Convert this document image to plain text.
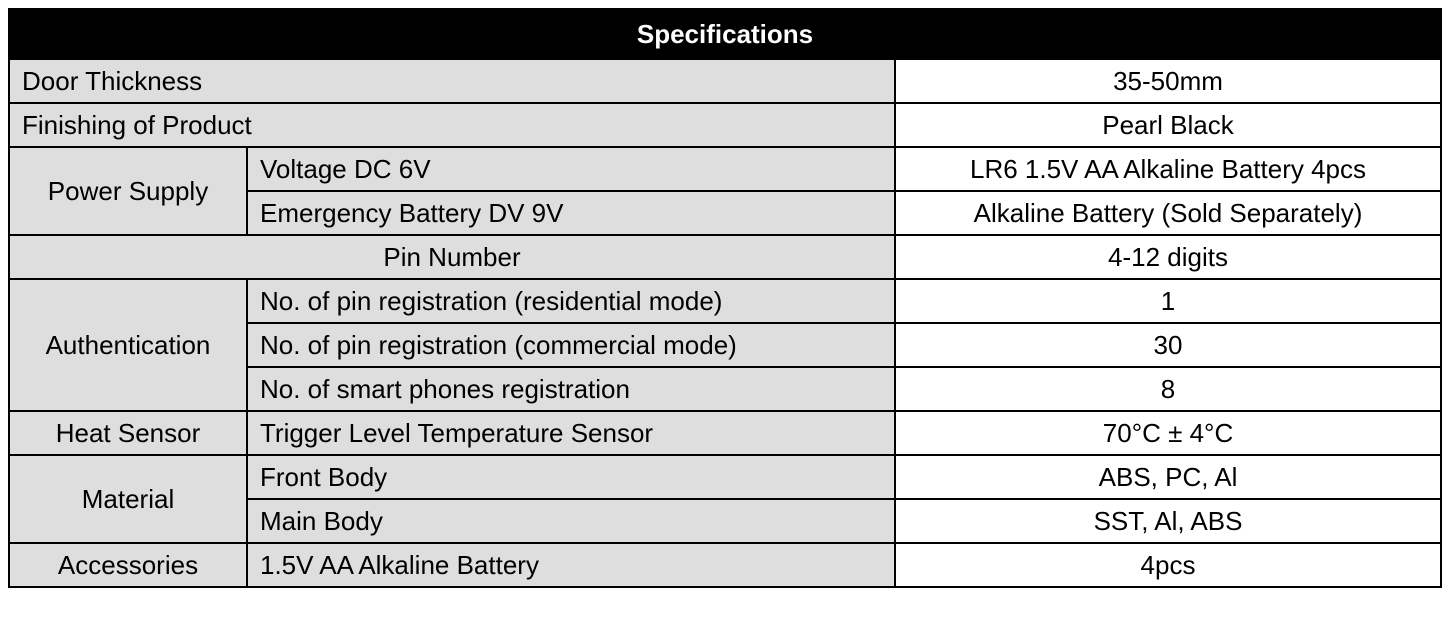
Specifications		
Door Thickness		35-50mm
Finishing of Product		Pearl Black
Power Supply	Voltage DC 6V	LR6 1.5V AA Alkaline Battery 4pcs
	Emergency Battery DV 9V	Alkaline Battery (Sold Separately)
Pin Number		4-12 digits
Authentication	No. of pin registration (residential mode)	1
	No. of pin registration (commercial mode)	30
	No. of smart phones registration	8
Heat Sensor	Trigger Level Temperature Sensor	70°C ± 4°C
Material	Front Body	ABS, PC, Al
	Main Body	SST, Al, ABS
Accessories	1.5V AA Alkaline Battery	4pcs
